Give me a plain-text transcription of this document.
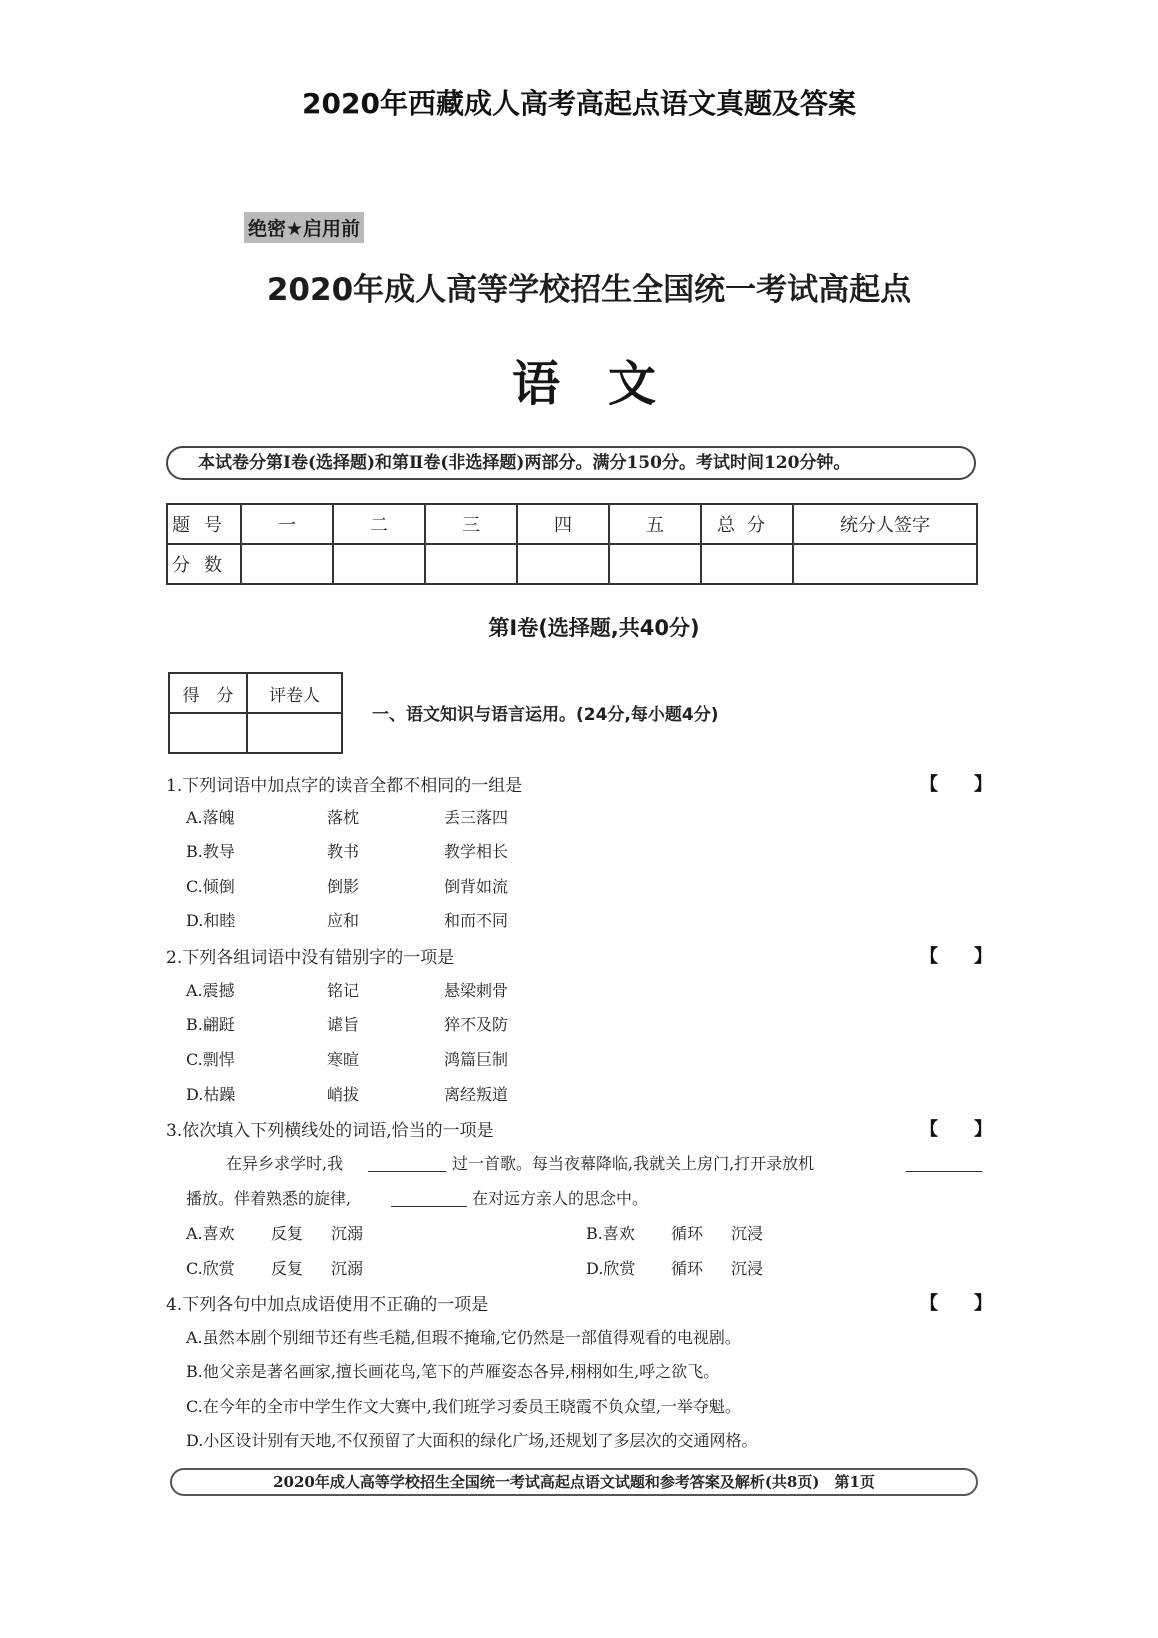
2020年西藏成人高考高起点语文真题及答案
绝密★启用前
2020年成人高等学校招生全国统一考试高起点
语　文
本试卷分第Ⅰ卷(选择题)和第Ⅱ卷(非选择题)两部分。满分150分。考试时间120分钟。
题号	一	二	三	四	五	总分	统分人签字
分数							
第Ⅰ卷(选择题,共40分)
得　分	评卷人

一、语文知识与语言运用。(24分,每小题4分)
1.下列词语中加点字的读音全都不相同的一组是	【　　】
A.落魄	落枕	丢三落四
B.教导	教书	教学相长
C.倾倒	倒影	倒背如流
D.和睦	应和	和而不同
2.下列各组词语中没有错别字的一项是	【　　】
A.震撼	铭记	悬梁刺骨
B.翩跹	谑旨	猝不及防
C.剽悍	寒暄	鸿篇巨制
D.枯躁	峭拔	离经叛道
3.依次填入下列横线处的词语,恰当的一项是	【　　】
在异乡求学时,我	过一首歌。每当夜幕降临,我就关上房门,打开录放机
播放。伴着熟悉的旋律,	在对远方亲人的思念中。
A.喜欢 反复 沉溺	B.喜欢 循环 沉浸
C.欣赏 反复 沉溺	D.欣赏 循环 沉浸
4.下列各句中加点成语使用不正确的一项是	【　　】
A.虽然本剧个别细节还有些毛糙,但瑕不掩瑜,它仍然是一部值得观看的电视剧。
B.他父亲是著名画家,擅长画花鸟,笔下的芦雁姿态各异,栩栩如生,呼之欲飞。
C.在今年的全市中学生作文大赛中,我们班学习委员王晓霞不负众望,一举夺魁。
D.小区设计别有天地,不仅预留了大面积的绿化广场,还规划了多层次的交通网格。
2020年成人高等学校招生全国统一考试高起点语文试题和参考答案及解析(共8页)　第1页
